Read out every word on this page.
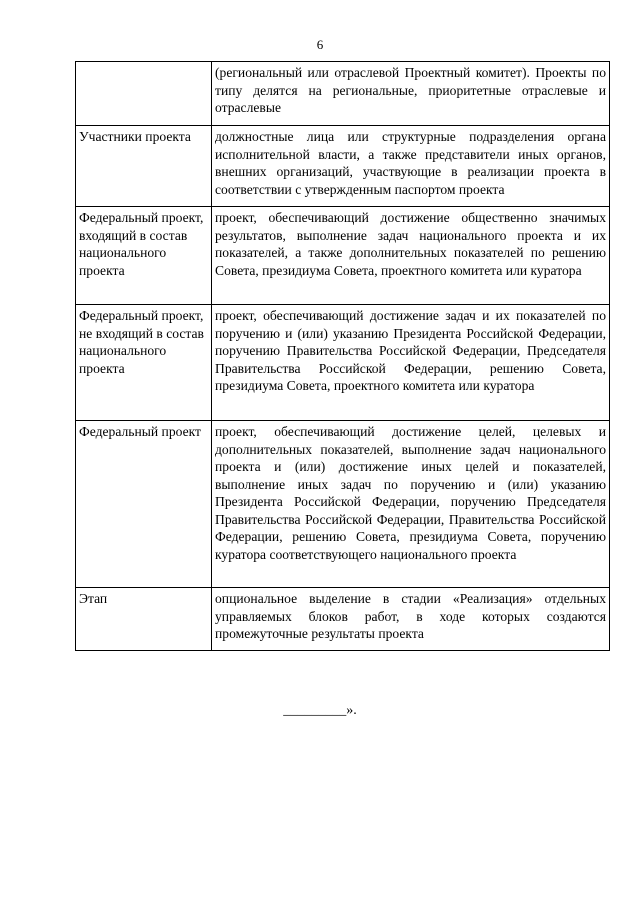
6
	(региональный или отраслевой Проектный комитет). Проекты по типу делятся на региональные, приоритетные отраслевые и отраслевые
Участники проекта	должностные лица или структурные подразделения органа исполнительной власти, а также представители иных органов, внешних организаций, участвующие в реализации проекта в соответствии с утвержденным паспортом проекта
Федеральный проект, входящий в состав национального проекта	проект, обеспечивающий достижение общественно значимых результатов, выполнение задач национального проекта и их показателей, а также дополнительных показателей по решению Совета, президиума Совета, проектного комитета или куратора
Федеральный проект, не входящий в состав национального проекта	проект, обеспечивающий достижение задач и их показателей по поручению и (или) указанию Президента Российской Федерации, поручению Правительства Российской Федерации, Председателя Правительства Российской Федерации, решению Совета, президиума Совета, проектного комитета или куратора
Федеральный проект	проект, обеспечивающий достижение целей, целевых и дополнительных показателей, выполнение задач национального проекта и (или) достижение иных целей и показателей, выполнение иных задач по поручению и (или) указанию Президента Российской Федерации, поручению Председателя Правительства Российской Федерации, Правительства Российской Федерации, решению Совета, президиума Совета, поручению куратора соответствующего национального проекта
Этап	опциональное выделение в стадии «Реализация» отдельных управляемых блоков работ, в ходе которых создаются промежуточные результаты проекта
_________».
